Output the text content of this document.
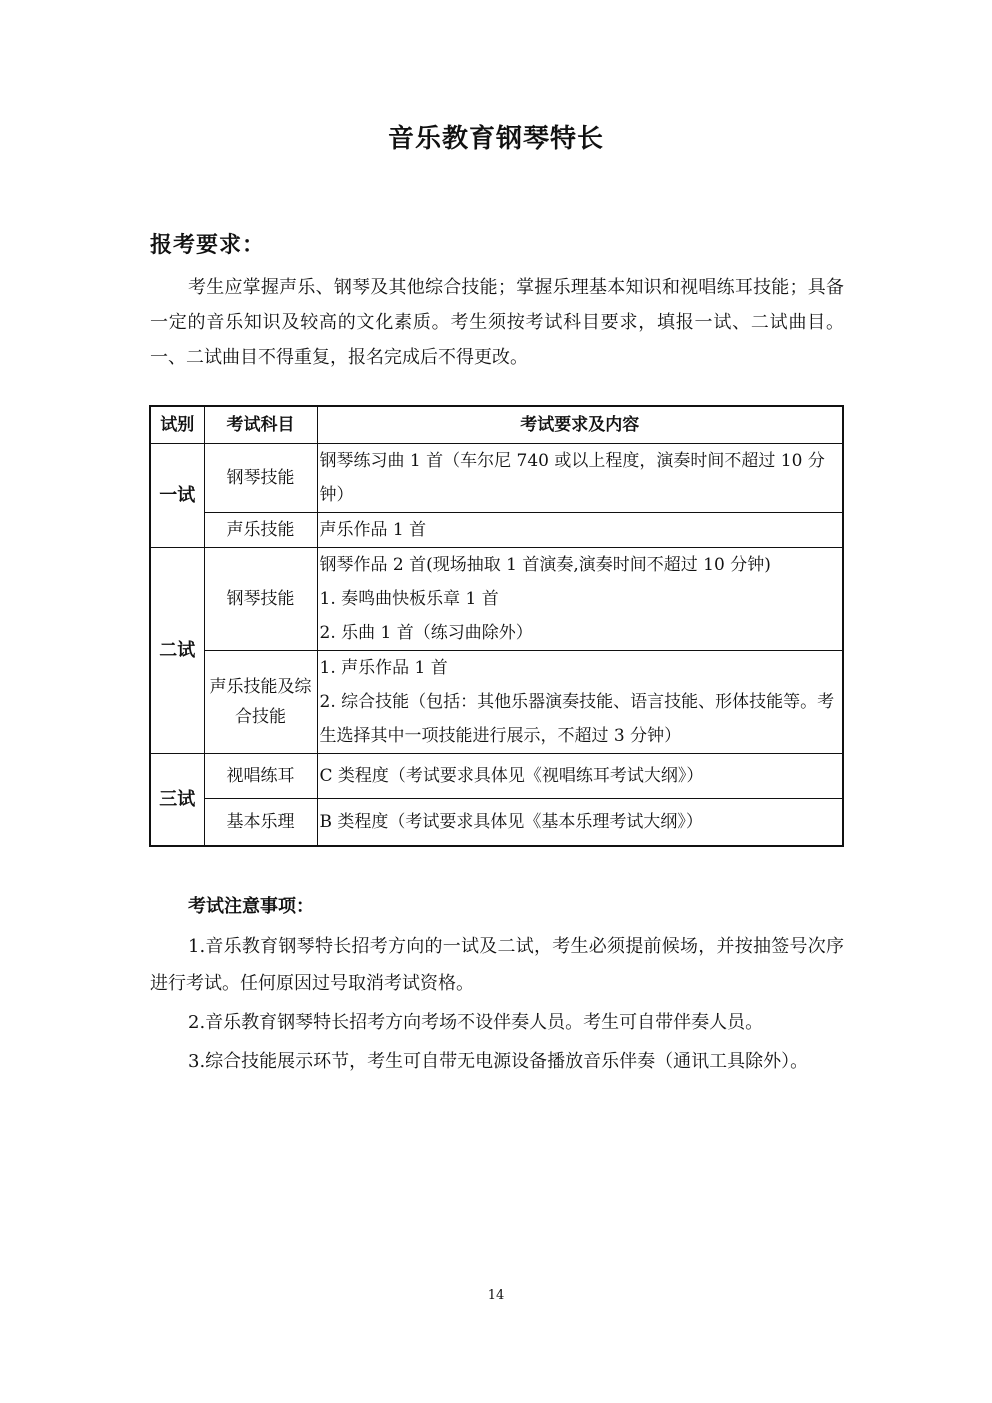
音乐教育钢琴特长
报考要求：

考生应掌握声乐、钢琴及其他综合技能；掌握乐理基本知识和视唱练耳技能；具备一定的音乐知识及较高的文化素质。考生须按考试科目要求，填报一试、二试曲目。一、二试曲目不得重复，报名完成后不得更改。

试别	考试科目	考试要求及内容
一试	钢琴技能	钢琴练习曲 1 首（车尔尼 740 或以上程度，演奏时间不超过 10 分钟）

	声乐技能	声乐作品 1 首

二试	钢琴技能	钢琴作品 2 首(现场抽取 1 首演奏,演奏时间不超过 10 分钟)
1. 奏鸣曲快板乐章 1 首
2. 乐曲 1 首（练习曲除外）

	声乐技能及综合技能	1. 声乐作品 1 首
2. 综合技能（包括：其他乐器演奏技能、语言技能、形体技能等。考生选择其中一项技能进行展示，不超过 3 分钟）

三试	视唱练耳	C 类程度（考试要求具体见《视唱练耳考试大纲》）

	基本乐理	B 类程度（考试要求具体见《基本乐理考试大纲》）
考试注意事项：

1.音乐教育钢琴特长招考方向的一试及二试，考生必须提前候场，并按抽签号次序进行考试。任何原因过号取消考试资格。

2.音乐教育钢琴特长招考方向考场不设伴奏人员。考生可自带伴奏人员。

3.综合技能展示环节，考生可自带无电源设备播放音乐伴奏（通讯工具除外）。

14
